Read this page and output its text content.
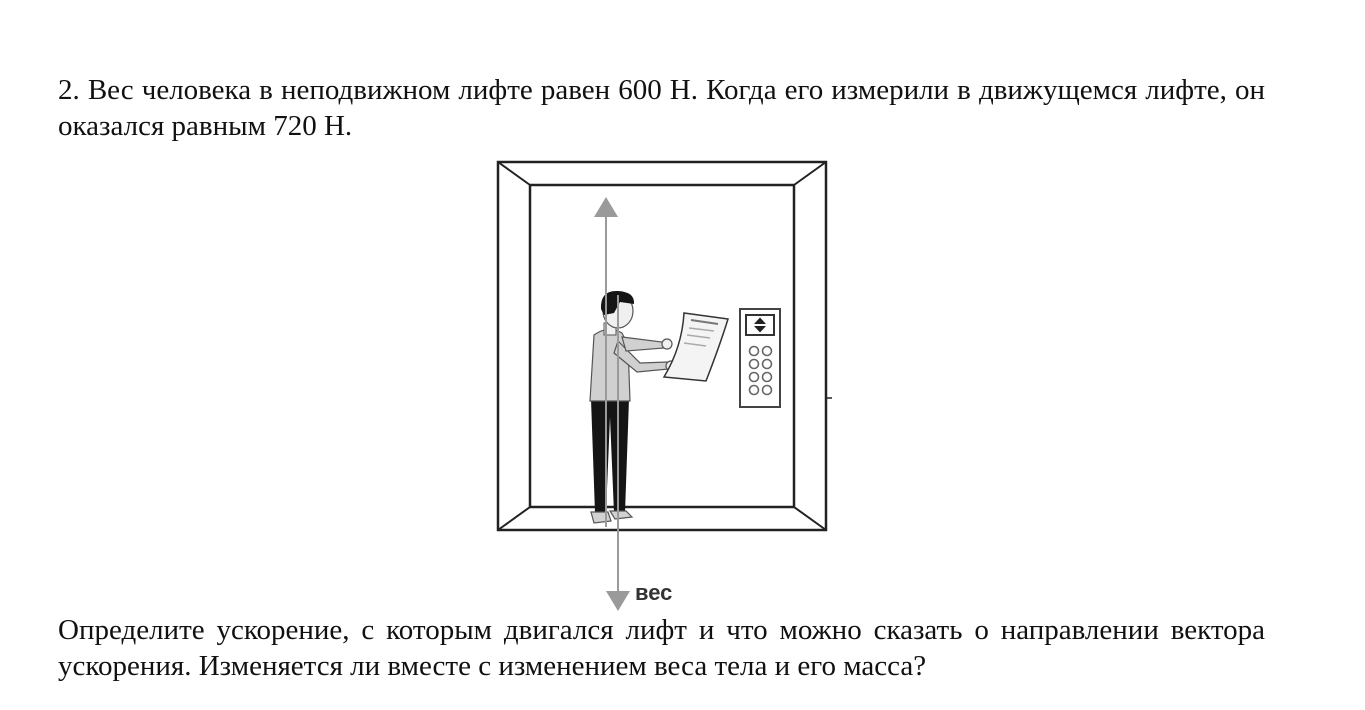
2. Вес человека в неподвижном лифте равен 600 Н. Когда его измерили в движущемся лифте, он оказался равным 720 Н.

вес

Определите ускорение, с которым двигался лифт и что можно сказать о направлении вектора ускорения. Изменяется ли вместе с изменением веса тела и его масса?
